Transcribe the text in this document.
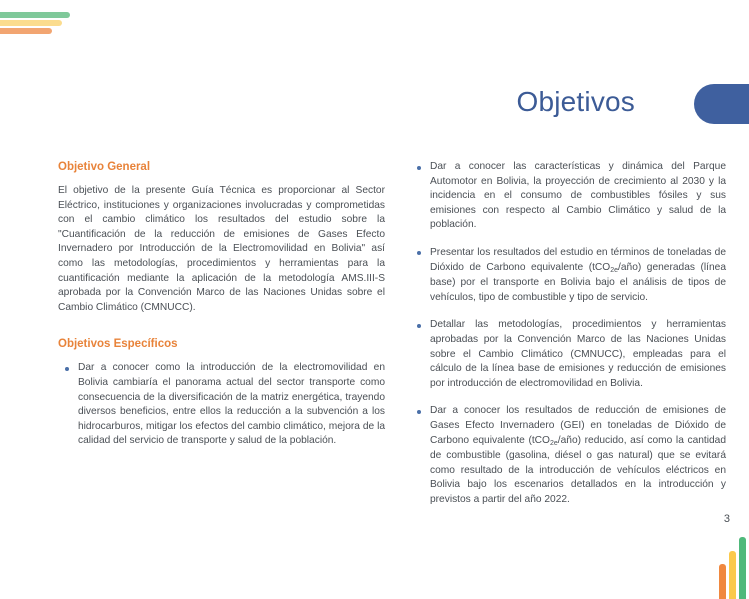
Objetivos
Objetivo General

El objetivo de la presente Guía Técnica es proporcionar al Sector Eléctrico, instituciones y organizaciones involucradas y comprometidas con el cambio climático los resultados del estudio sobre la "Cuantificación de la reducción de emisiones de Gases Efecto Invernadero por Introducción de la Electromovilidad en Bolivia" así como las metodologías, procedimientos y herramientas para la cuantificación mediante la aplicación de la metodología AMS.III-S aprobada por la Convención Marco de las Naciones Unidas sobre el Cambio Climático (CMNUCC).

Objetivos Específicos
Dar a conocer como la introducción de la electromovilidad en Bolivia cambiaría el panorama actual del sector transporte como consecuencia de la diversificación de la matriz energética, trayendo diversos beneficios, entre ellos la reducción a la subvención a los hidrocarburos, mitigar los efectos del cambio climático, mejora de la calidad del servicio de transporte y salud de la población.
Dar a conocer las características y dinámica del Parque Automotor en Bolivia, la proyección de crecimiento al 2030 y la incidencia en el consumo de combustibles fósiles y sus emisiones con respecto al Cambio Climático y salud de la población.
Presentar los resultados del estudio en términos de toneladas de Dióxido de Carbono equivalente (tCO$_{2e}$/año) generadas (línea base) por el transporte en Bolivia bajo el análisis de tipos de vehículos, tipo de combustible y tipo de servicio.
Detallar las metodologías, procedimientos y herramientas aprobadas por la Convención Marco de las Naciones Unidas sobre el Cambio Climático (CMNUCC), empleadas para el cálculo de la línea base de emisiones y reducción de emisiones por introducción de electromovilidad en Bolivia.
Dar a conocer los resultados de reducción de emisiones de Gases Efecto Invernadero (GEI) en toneladas de Dióxido de Carbono equivalente (tCO$_{2e}$/año) reducido, así como la cantidad de combustible (gasolina, diésel o gas natural) que se evitará como resultado de la introducción de vehículos eléctricos en Bolivia bajo los escenarios detallados en la introducción y previstos a partir del año 2022.
3
